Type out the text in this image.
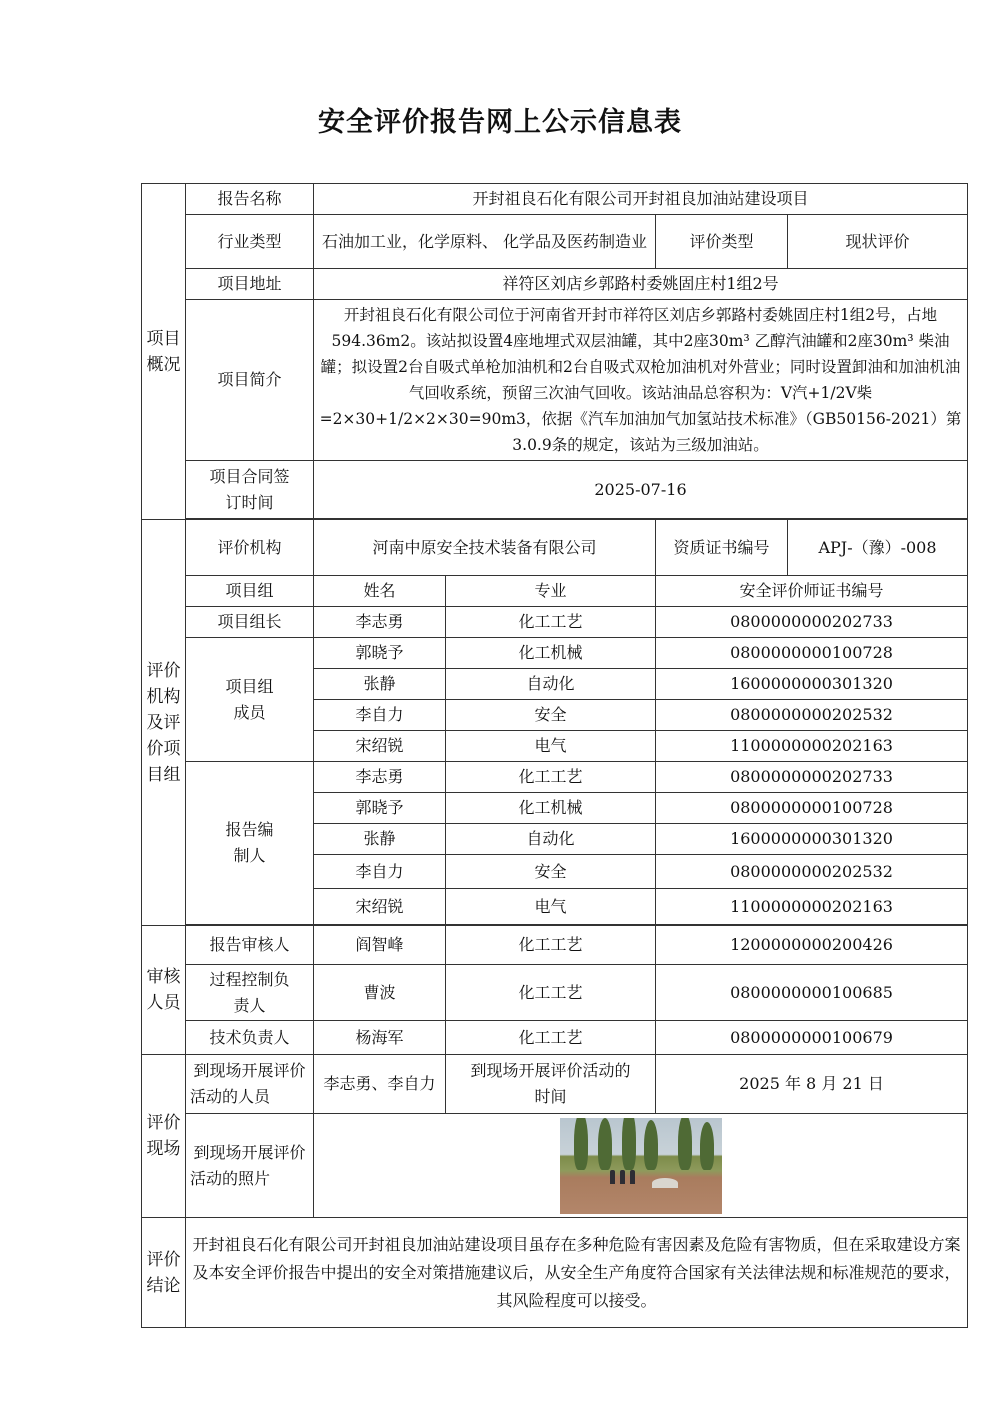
安全评价报告网上公示信息表
项目概况	报告名称	开封祖良石化有限公司开封祖良加油站建设项目			
	行业类型	石油加工业，化学原料、 化学品及医药制造业		评价类型	现状评价
	项目地址	祥符区刘店乡郭路村委姚固庄村1组2号			
	项目简介	开封祖良石化有限公司位于河南省开封市祥符区刘店乡郭路村委姚固庄村1组2号，占地594.36m2。该站拟设置4座地埋式双层油罐，其中2座30m³ 乙醇汽油罐和2座30m³ 柴油罐；拟设置2台自吸式单枪加油机和2台自吸式双枪加油机对外营业；同时设置卸油和加油机油气回收系统，预留三次油气回收。该站油品总容积为：V汽+1/2V柴=2×30+1/2×2×30=90m3，依据《汽车加油加气加氢站技术标准》（GB50156-2021）第3.0.9条的规定，该站为三级加油站。			
	项目合同签订时间	2025-07-16			

评价机构及评价项目组	评价机构	河南中原安全技术装备有限公司		资质证书编号	APJ-（豫）-008
	项目组	姓名	专业	安全评价师证书编号	
	项目组长	李志勇	化工工艺	0800000000202733	
	项目组成员	郭晓予	化工机械	0800000000100728	
		张静	自动化	1600000000301320	
		李自力	安全	0800000000202532	
		宋绍锐	电气	1100000000202163	
	报告编制人	李志勇	化工工艺	0800000000202733	
		郭晓予	化工机械	0800000000100728	
		张静	自动化	1600000000301320	
		李自力	安全	0800000000202532	
		宋绍锐	电气	1100000000202163	

审核人员	报告审核人	阎智峰	化工工艺	1200000000200426	
	过程控制负责人	曹波	化工工艺	0800000000100685	
	技术负责人	杨海军	化工工艺	0800000000100679	
评价现场	到现场开展评价活动的人员	李志勇、李自力	到现场开展评价活动的时间	2025 年 8 月 21 日	
	到现场开展评价活动的照片				

评价结论	开封祖良石化有限公司开封祖良加油站建设项目虽存在多种危险有害因素及危险有害物质，但在采取建设方案及本安全评价报告中提出的安全对策措施建议后，从安全生产角度符合国家有关法律法规和标准规范的要求，其风险程度可以接受。				
